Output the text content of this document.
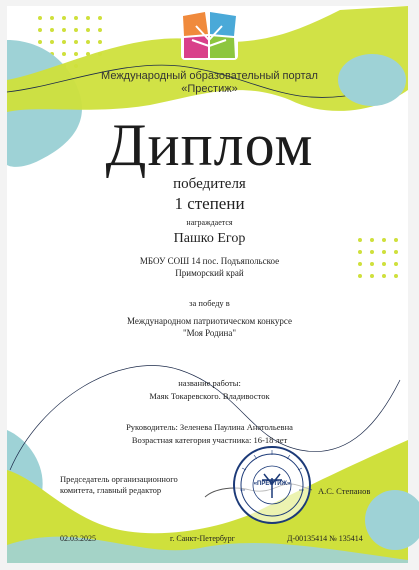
Международный образовательный портал
«Престиж»
Диплом
победителя
1 степени
награждается
Пашко Егор
МБОУ СОШ 14 пос. Подъяпольское
Приморский край
за победу в
Международном патриотическом конкурсе
"Моя Родина"
название работы:
Маяк Токаревского. Владивосток
Руководитель: Зеленева Паулина Анатольевна
Возрастная категория участника: 16-18 лет
Председатель организационного
комитета, главный редактор	А.С. Степанов
«ПРЕСТИЖ»
02.03.2025	г. Санкт-Петербург	Д-00135414 № 135414
